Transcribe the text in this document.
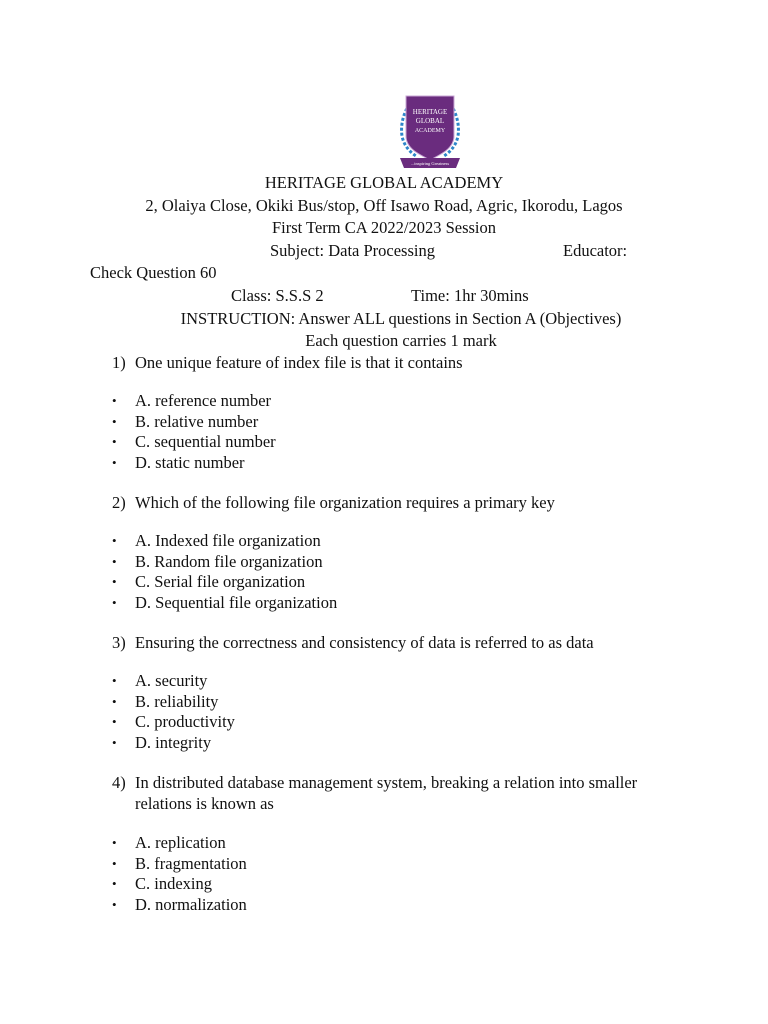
HERITAGE
GLOBAL
ACADEMY
...inspiring Greatness
HERITAGE GLOBAL ACADEMY
2, Olaiya Close, Okiki Bus/stop, Off Isawo Road, Agric, Ikorodu, Lagos
First Term CA 2022/2023 Session
Subject: Data Processing	Educator:
Check Question 60
Class: S.S.S 2	Time: 1hr 30mins
INSTRUCTION: Answer ALL questions in Section A (Objectives)
Each question carries 1 mark
1) One unique feature of index file is that it contains
• A. reference number
• B. relative number
• C. sequential number
• D. static number
2) Which of the following file organization requires a primary key
• A. Indexed file organization
• B. Random file organization
• C. Serial file organization
• D. Sequential file organization
3) Ensuring the correctness and consistency of data is referred to as data
• A. security
• B. reliability
• C. productivity
• D. integrity
4) In distributed database management system, breaking a relation into smaller relations is known as
• A. replication
• B. fragmentation
• C. indexing
• D. normalization
